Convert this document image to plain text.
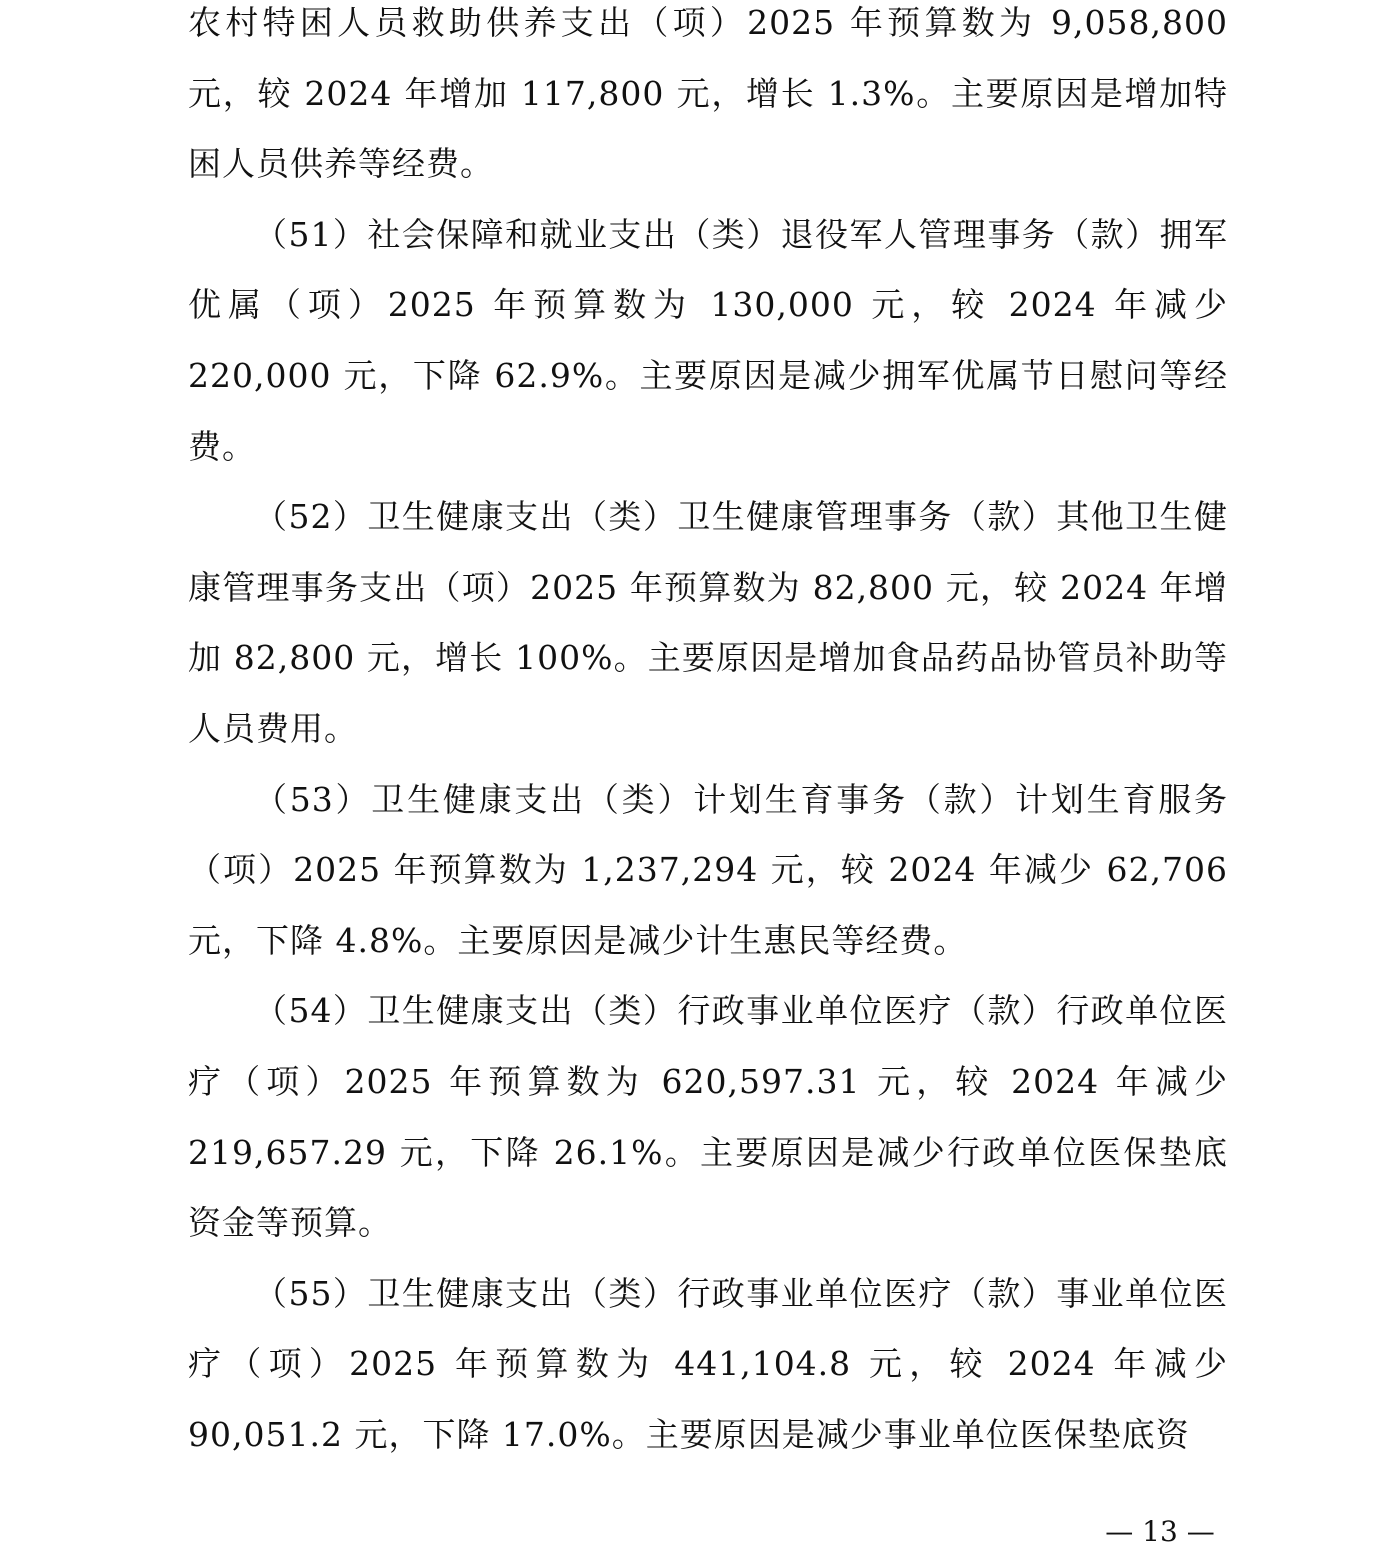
农村特困人员救助供养支出（项）2025 年预算数为 9,058,800 元，较 2024 年增加 117,800 元，增长 1.3%。主要原因是增加特困人员供养等经费。

（51）社会保障和就业支出（类）退役军人管理事务（款）拥军优属（项）2025 年预算数为 130,000 元，较 2024 年减少 220,000 元，下降 62.9%。主要原因是减少拥军优属节日慰问等经费。

（52）卫生健康支出（类）卫生健康管理事务（款）其他卫生健康管理事务支出（项）2025 年预算数为 82,800 元，较 2024 年增加 82,800 元，增长 100%。主要原因是增加食品药品协管员补助等人员费用。

（53）卫生健康支出（类）计划生育事务（款）计划生育服务（项）2025 年预算数为 1,237,294 元，较 2024 年减少 62,706 元，下降 4.8%。主要原因是减少计生惠民等经费。

（54）卫生健康支出（类）行政事业单位医疗（款）行政单位医疗（项）2025 年预算数为 620,597.31 元，较 2024 年减少 219,657.29 元，下降 26.1%。主要原因是减少行政单位医保垫底资金等预算。

（55）卫生健康支出（类）行政事业单位医疗（款）事业单位医疗（项）2025 年预算数为 441,104.8 元，较 2024 年减少 90,051.2 元，下降 17.0%。主要原因是减少事业单位医保垫底资

— 13 —
